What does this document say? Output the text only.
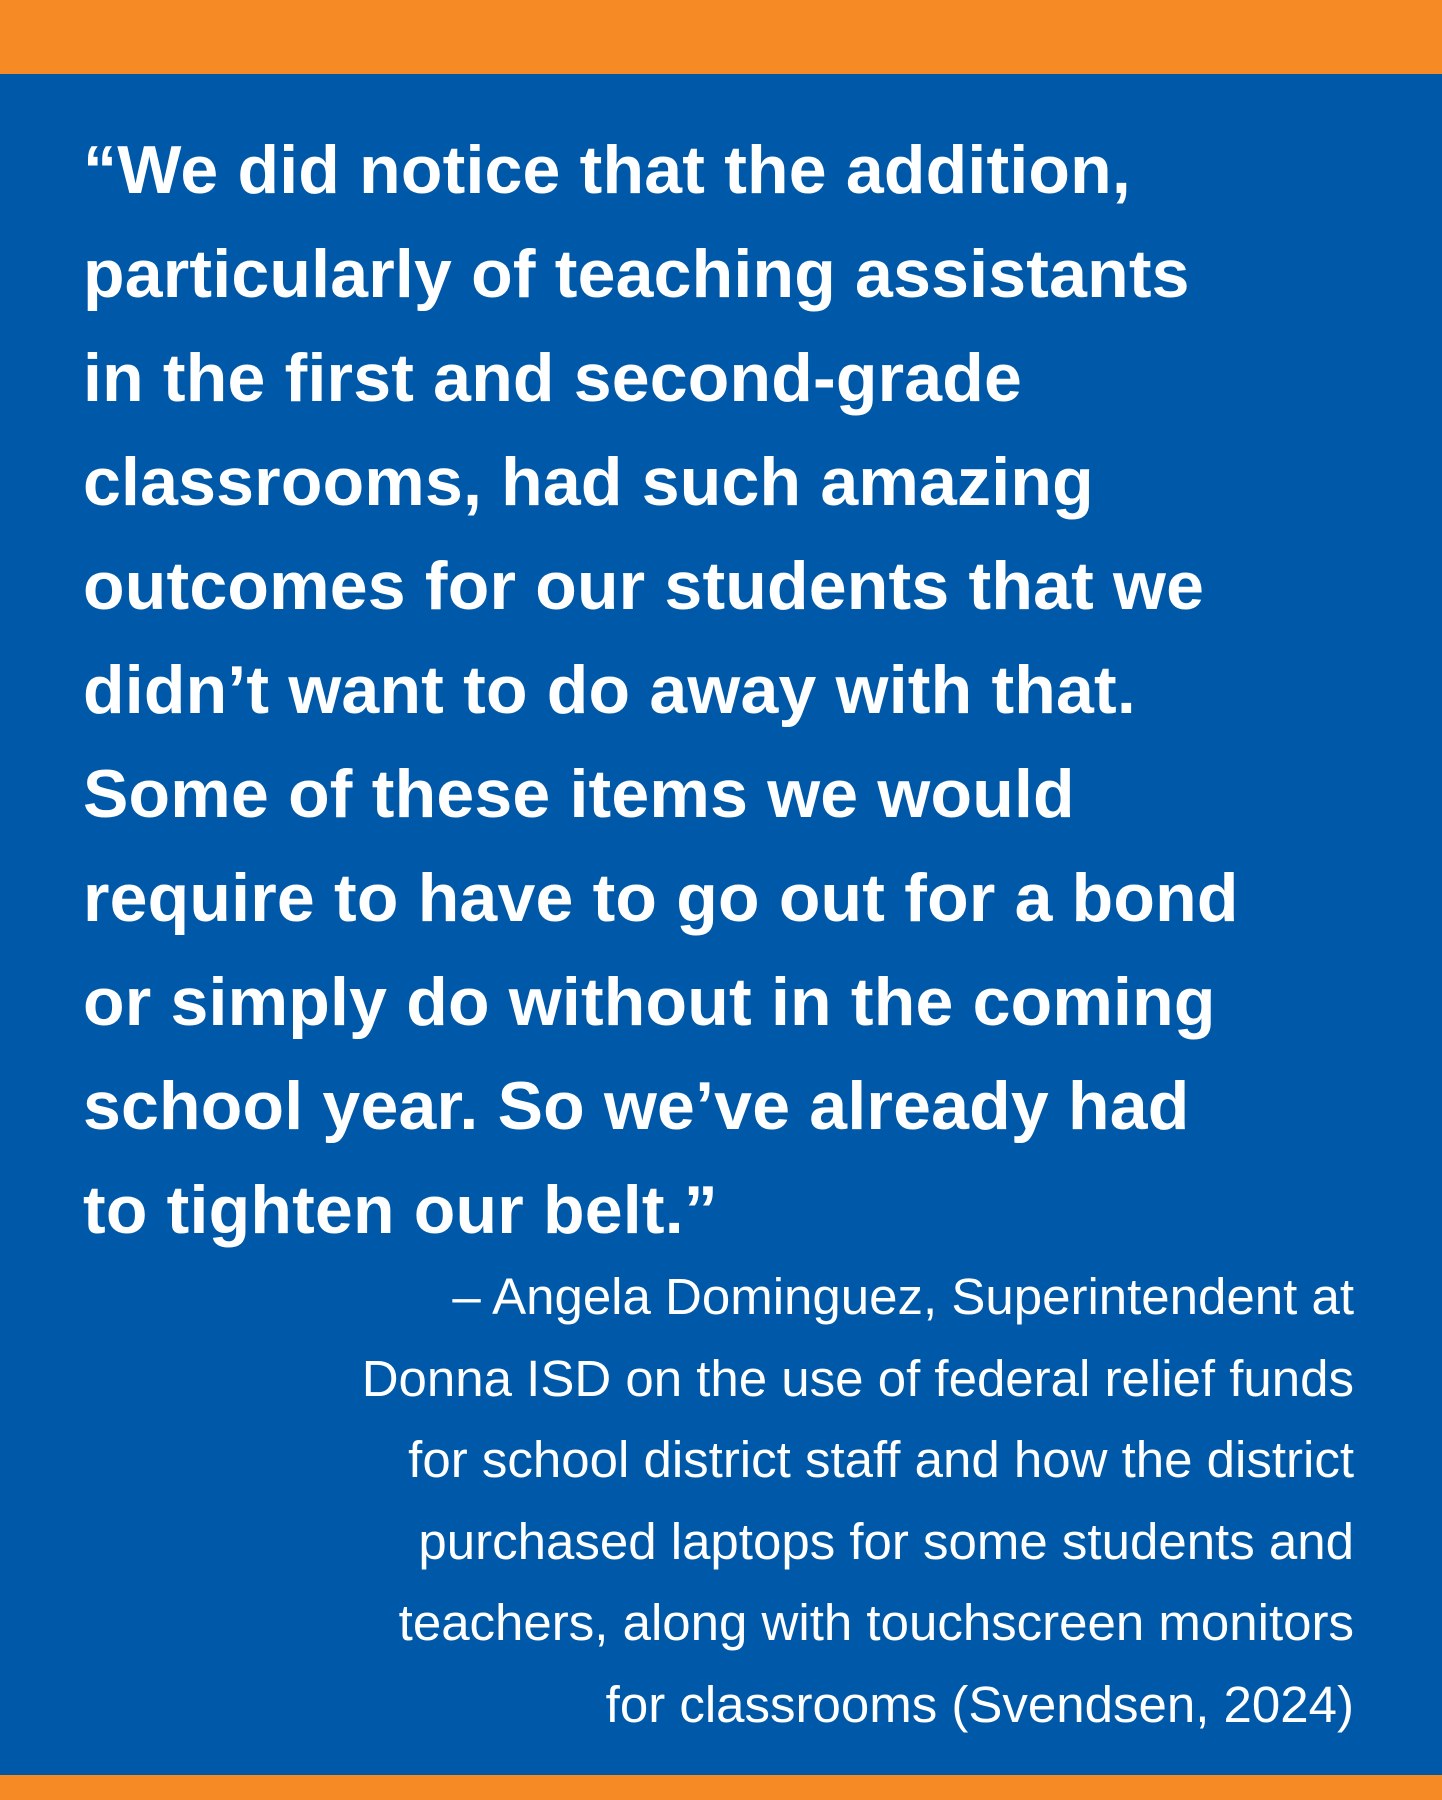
“We did notice that the addition,
particularly of teaching assistants
in the first and second-grade
classrooms, had such amazing
outcomes for our students that we
didn’t want to do away with that.
Some of these items we would
require to have to go out for a bond
or simply do without in the coming
school year. So we’ve already had
to tighten our belt.”

– Angela Dominguez, Superintendent at
Donna ISD on the use of federal relief funds
for school district staff and how the district
purchased laptops for some students and
teachers, along with touchscreen monitors
for classrooms (Svendsen, 2024)
